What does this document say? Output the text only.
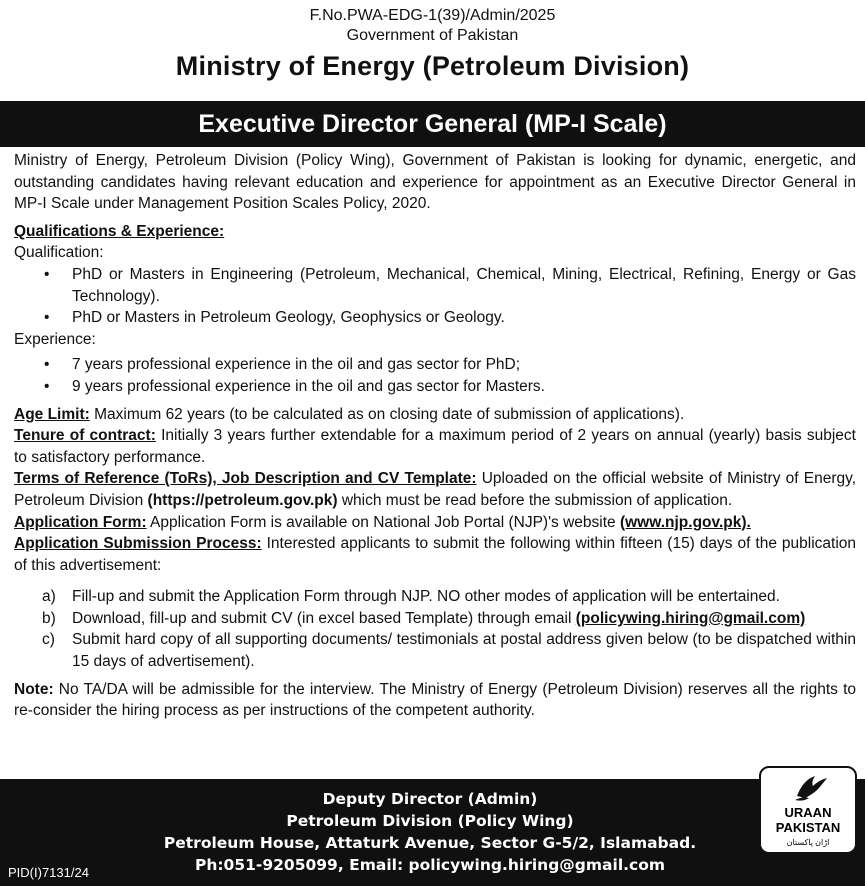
F.No.PWA-EDG-1(39)/Admin/2025
Government of Pakistan
Ministry of Energy (Petroleum Division)
Executive Director General (MP-I Scale)

Ministry of Energy, Petroleum Division (Policy Wing), Government of Pakistan is looking for dynamic, energetic, and outstanding candidates having relevant education and experience for appointment as an Executive Director General in MP-I Scale under Management Position Scales Policy, 2020.

Qualifications & Experience:
Qualification:
• PhD or Masters in Engineering (Petroleum, Mechanical, Chemical, Mining, Electrical, Refining, Energy or Gas Technology).

• PhD or Masters in Petroleum Geology, Geophysics or Geology.

Experience:
• 7 years professional experience in the oil and gas sector for PhD;

• 9 years professional experience in the oil and gas sector for Masters.

Age Limit: Maximum 62 years (to be calculated as on closing date of submission of applications).

Tenure of contract: Initially 3 years further extendable for a maximum period of 2 years on annual (yearly) basis subject to satisfactory performance.

Terms of Reference (ToRs), Job Description and CV Template: Uploaded on the official website of Ministry of Energy, Petroleum Division (https://petroleum.gov.pk) which must be read before the submission of application.

Application Form: Application Form is available on National Job Portal (NJP)'s website (www.njp.gov.pk).

Application Submission Process: Interested applicants to submit the following within fifteen (15) days of the publication of this advertisement:

a) Fill-up and submit the Application Form through NJP. NO other modes of application will be entertained.

b) Download, fill-up and submit CV (in excel based Template) through email (policywing.hiring@gmail.com)

c) Submit hard copy of all supporting documents/ testimonials at postal address given below (to be dispatched within 15 days of advertisement).

Note: No TA/DA will be admissible for the interview. The Ministry of Energy (Petroleum Division) reserves all the rights to re-consider the hiring process as per instructions of the competent authority.

Deputy Director (Admin)
Petroleum Division (Policy Wing)
Petroleum House, Attaturk Avenue, Sector G-5/2, Islamabad.
Ph:051-9205099, Email: policywing.hiring@gmail.com
PID(I)7131/24
URAAN
PAKISTAN
اڑان پاکستان
